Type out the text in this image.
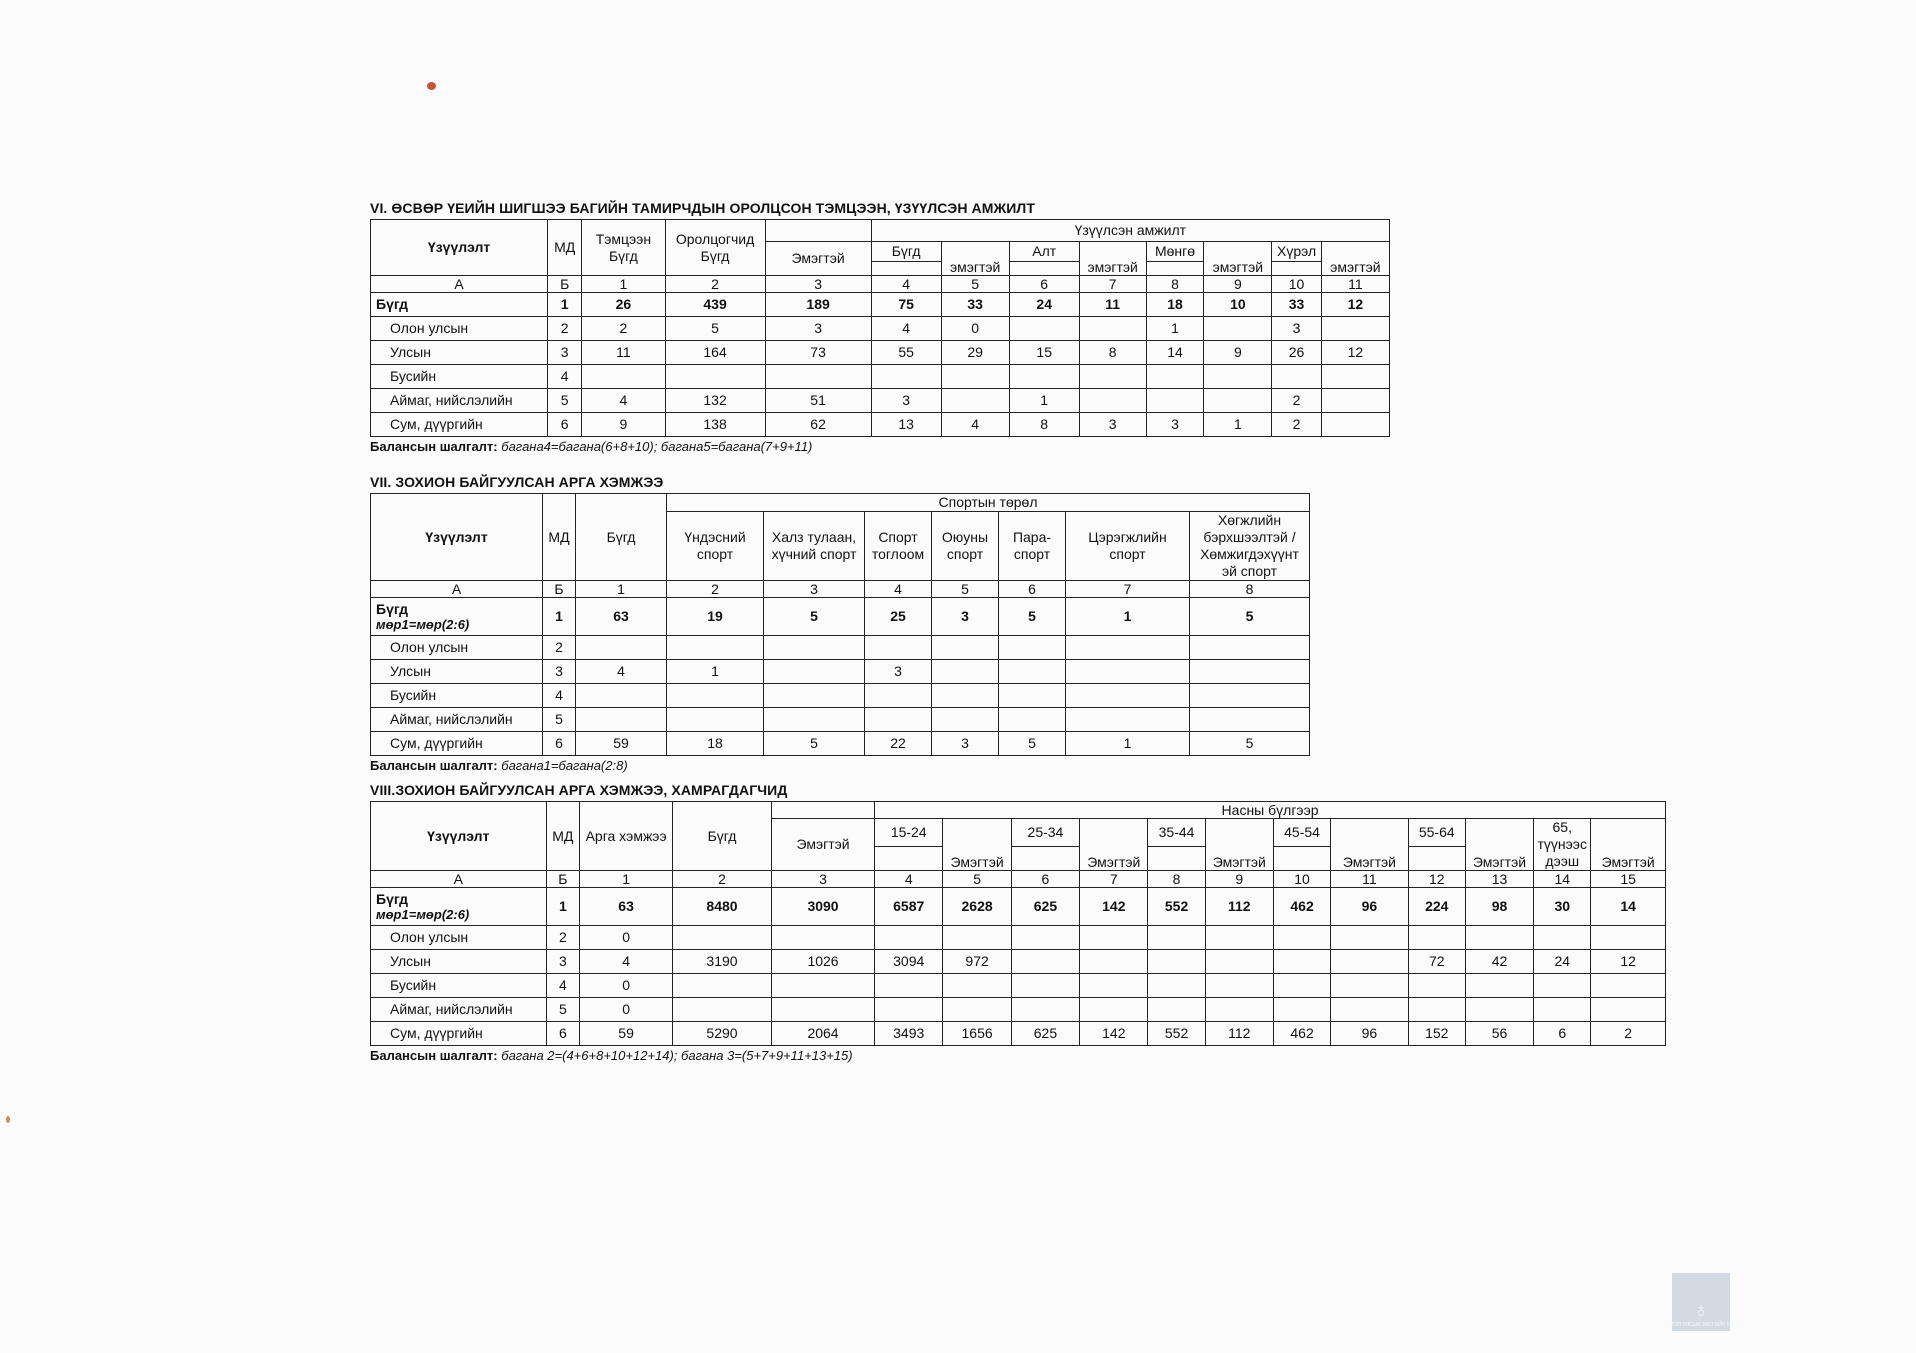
VI. ӨСВӨР ҮЕИЙН ШИГШЭЭ БАГИЙН ТАМИРЧДЫН ОРОЛЦСОН ТЭМЦЭЭН, ҮЗҮҮЛСЭН АМЖИЛТ
Үзүүлэлт	МД	Тэмцээн Бүгд	Оролцогчид Бүгд		Үзүүлсэн амжилт							
				Эмэгтэй	Бүгд	эмэгтэй	Алт	эмэгтэй	Мөнгө	эмэгтэй	Хүрэл	эмэгтэй

А	Б	1	2	3	4	5	6	7	8	9	10	11
Бүгд	1	26	439	189	75	33	24	11	18	10	33	12
Олон улсын	2	2	5	3	4	0			1		3	
Улсын	3	11	164	73	55	29	15	8	14	9	26	12
Бусийн	4											
Аймаг, нийслэлийн	5	4	132	51	3		1				2	
Сум, дүүргийн	6	9	138	62	13	4	8	3	3	1	2	
Балансын шалгалт: багана4=багана(6+8+10); багана5=багана(7+9+11)
VII. ЗОХИОН БАЙГУУЛСАН АРГА ХЭМЖЭЭ
Үзүүлэлт	МД	Бүгд	Спортын төрөл						
			Үндэсний спорт	Халз тулаан, хүчний спорт	Спорт тоглоом	Оюуны спорт	Пара-спорт	Цэрэгжлийн спорт	Хөгжлийн бэрхшээлтэй / Хөмжигдэхүүнт эй спорт
А	Б	1	2	3	4	5	6	7	8
Бүгд
мөр1=мөр(2:6)	1	63	19	5	25	3	5	1	5
Олон улсын	2								
Улсын	3	4	1		3				
Бусийн	4								
Аймаг, нийслэлийн	5								
Сум, дүүргийн	6	59	18	5	22	3	5	1	5
Балансын шалгалт: багана1=багана(2:8)
VIII.ЗОХИОН БАЙГУУЛСАН АРГА ХЭМЖЭЭ, ХАМРАГДАГЧИД
Үзүүлэлт	МД	Арга хэмжээ	Бүгд		Насны бүлгээр											
				Эмэгтэй	15-24	Эмэгтэй	25-34	Эмэгтэй	35-44	Эмэгтэй	45-54	Эмэгтэй	55-64	Эмэгтэй	65, түүнээс дээш	Эмэгтэй

А	Б	1	2	3	4	5	6	7	8	9	10	11	12	13	14	15
Бүгд
мөр1=мөр(2:6)	1	63	8480	3090	6587	2628	625	142	552	112	462	96	224	98	30	14
Олон улсын	2	0														
Улсын	3	4	3190	1026	3094	972							72	42	24	12
Бусийн	4	0														
Аймаг, нийслэлийн	5	0														
Сум, дүүргийн	6	59	5290	2064	3493	1656	625	142	552	112	462	96	152	56	6	2
Балансын шалгалт: багана 2=(4+6+8+10+12+14); багана 3=(5+7+9+11+13+15)
♁
МОНГОЛ УЛСЫН ЗАСГИЙН ГАЗАР
